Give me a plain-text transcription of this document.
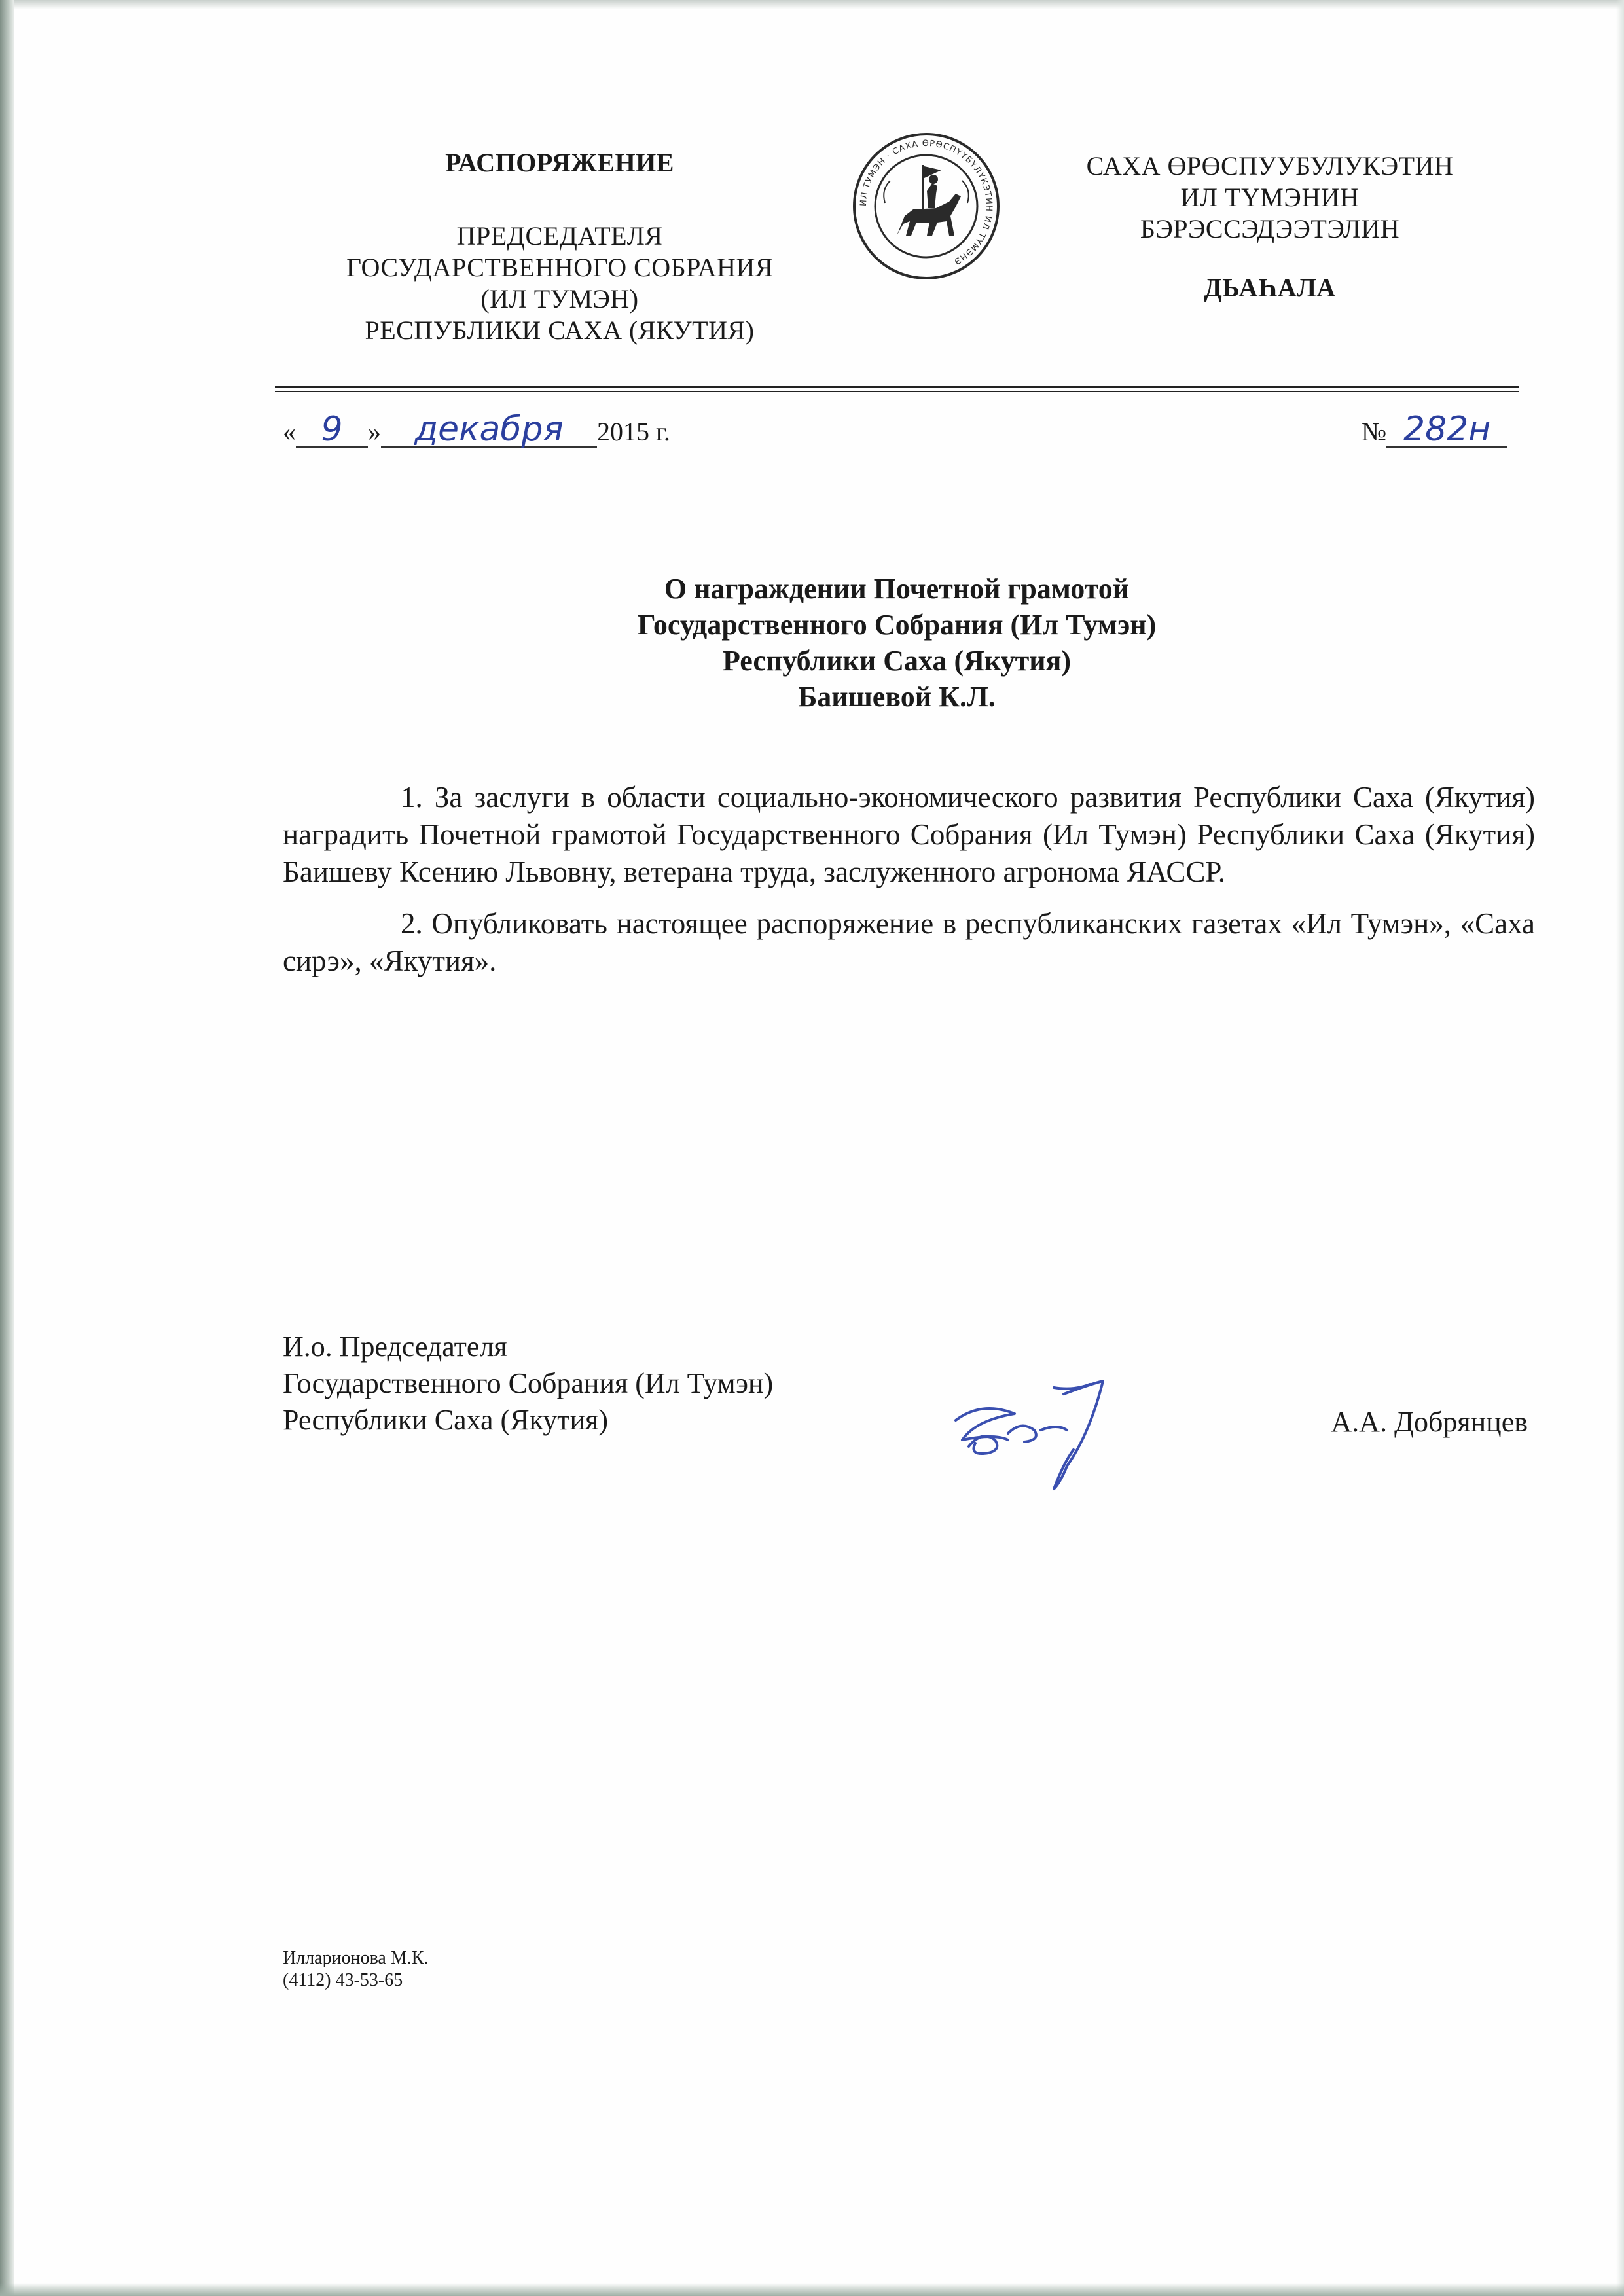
РАСПОРЯЖЕНИЕ
ПРЕДСЕДАТЕЛЯ
ГОСУДАРСТВЕННОГО СОБРАНИЯ
(ИЛ ТУМЭН)
РЕСПУБЛИКИ САХА (ЯКУТИЯ)
ИЛ ТУМЭН · САХА ӨРӨСПҮҮБҮЛҮКЭТИН ИЛ ТҮМЭНЭ
САХА ӨРӨСПУУБУЛУКЭТИН
ИЛ ТҮМЭНИН
БЭРЭССЭДЭЭТЭЛИН
ДЬАҺАЛА
« 9 » декабря 2015 г.	№ 282н
О награждении Почетной грамотой
Государственного Собрания (Ил Тумэн)
Республики Саха (Якутия)
Баишевой К.Л.

1. За заслуги в области социально-экономического развития Республики Саха (Якутия) наградить Почетной грамотой Государственного Собрания (Ил Тумэн) Республики Саха (Якутия) Баишеву Ксению Львовну, ветерана труда, заслуженного агронома ЯАССР.

2. Опубликовать настоящее распоряжение в республиканских газетах «Ил Тумэн», «Саха сирэ», «Якутия».

И.о. Председателя
Государственного Собрания (Ил Тумэн)
Республики Саха (Якутия)	А.А. Добрянцев
Илларионова М.К.
(4112) 43-53-65
